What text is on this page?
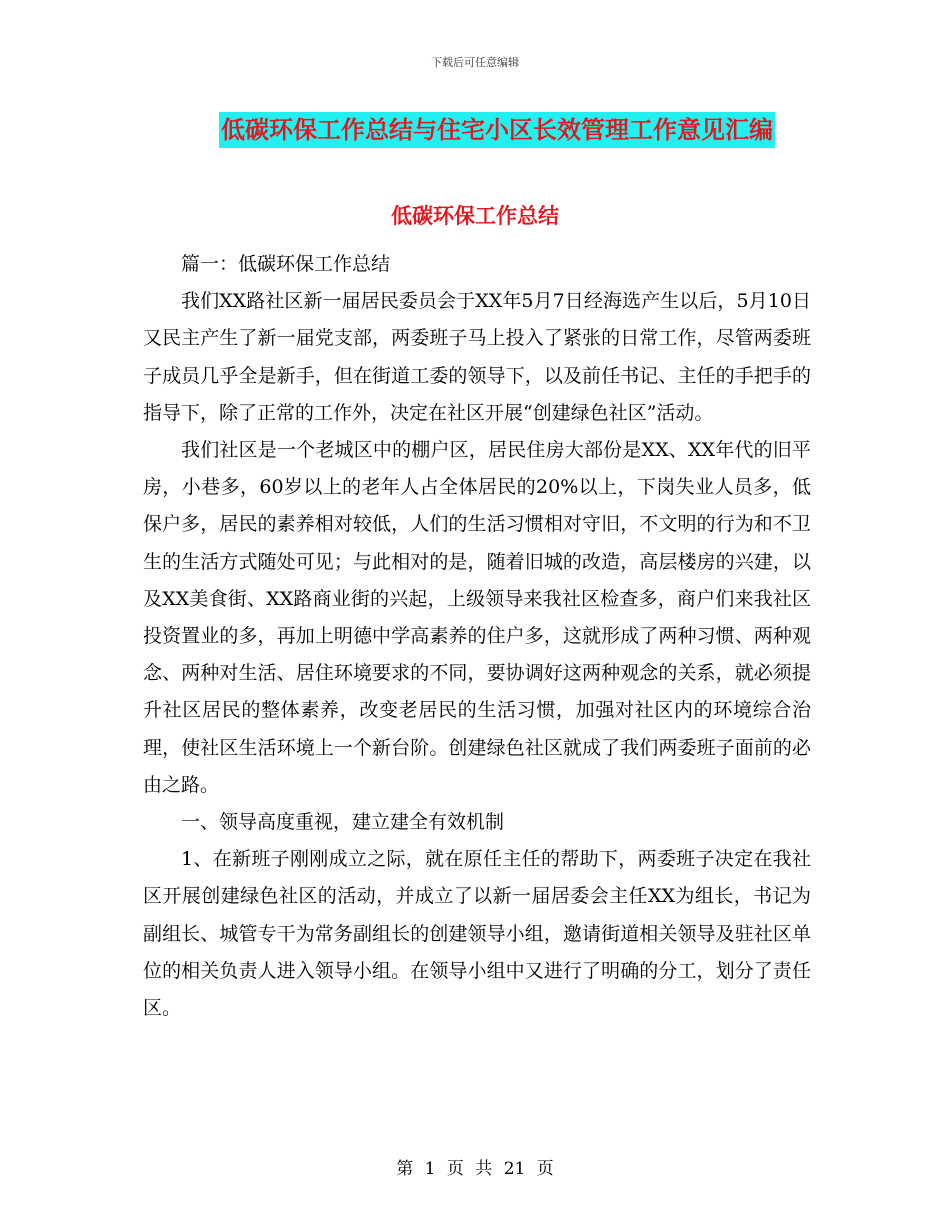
下载后可任意编辑
低碳环保工作总结与住宅小区长效管理工作意见汇编
低碳环保工作总结

篇一：低碳环保工作总结

我们XX路社区新一届居民委员会于XX年5月7日经海选产生以后，5月10日又民主产生了新一届党支部，两委班子马上投入了紧张的日常工作，尽管两委班子成员几乎全是新手，但在街道工委的领导下，以及前任书记、主任的手把手的指导下，除了正常的工作外，决定在社区开展“创建绿色社区”活动。

我们社区是一个老城区中的棚户区，居民住房大部份是XX、XX年代的旧平房，小巷多，60岁以上的老年人占全体居民的20%以上，下岗失业人员多，低保户多，居民的素养相对较低，人们的生活习惯相对守旧，不文明的行为和不卫生的生活方式随处可见；与此相对的是，随着旧城的改造，高层楼房的兴建，以及XX美食街、XX路商业街的兴起，上级领导来我社区检查多，商户们来我社区投资置业的多，再加上明德中学高素养的住户多，这就形成了两种习惯、两种观念、两种对生活、居住环境要求的不同，要协调好这两种观念的关系，就必须提升社区居民的整体素养，改变老居民的生活习惯，加强对社区内的环境综合治理，使社区生活环境上一个新台阶。创建绿色社区就成了我们两委班子面前的必由之路。

一、领导高度重视，建立建全有效机制

1、在新班子刚刚成立之际，就在原任主任的帮助下，两委班子决定在我社区开展创建绿色社区的活动，并成立了以新一届居委会主任XX为组长，书记为副组长、城管专干为常务副组长的创建领导小组，邀请街道相关领导及驻社区单位的相关负责人进入领导小组。在领导小组中又进行了明确的分工，划分了责任区。

第 1 页 共 21 页
